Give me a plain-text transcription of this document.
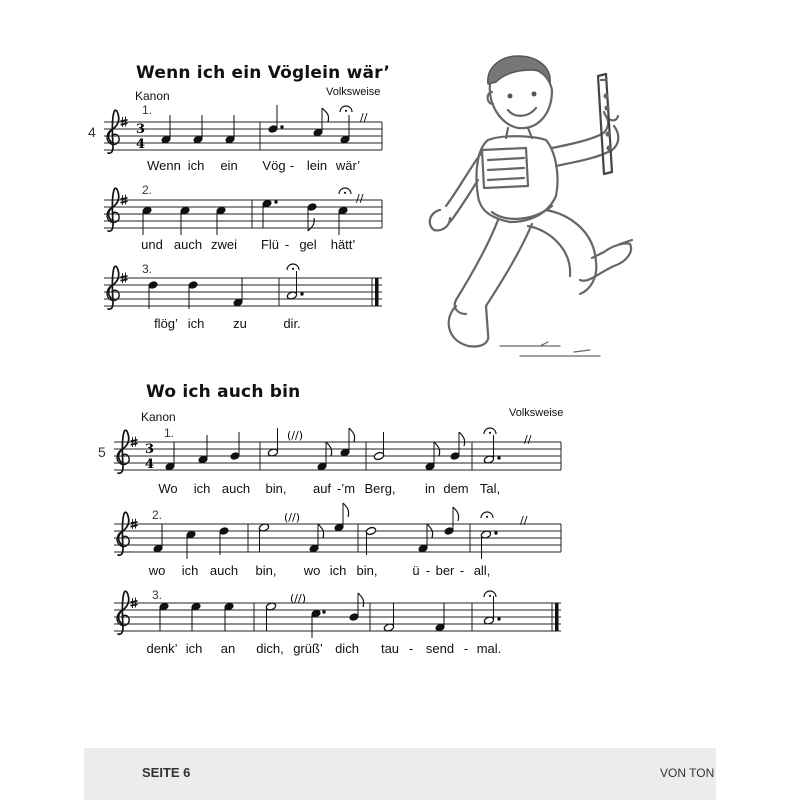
Wenn ich ein Vöglein wär’
Volksweise
Kanon
4
1.
2.
3.
Wenn ich ein Vög - lein wär’
und auch zwei Flü - gel hätt’
flög’ ich zu	dir.
Wo ich auch bin
Volksweise
Kanon
5
1.
2.
3.
Wo ich auch bin, auf -’m Berg, in dem Tal,
wo ich auch bin, wo ich bin,	ü - ber - all,
denk’ ich an dich, grüß’ dich tau - send - mal.
3
4
//
//
3
4
(//)	//
(//)	//
(//)
SEITE 6	VON TON
